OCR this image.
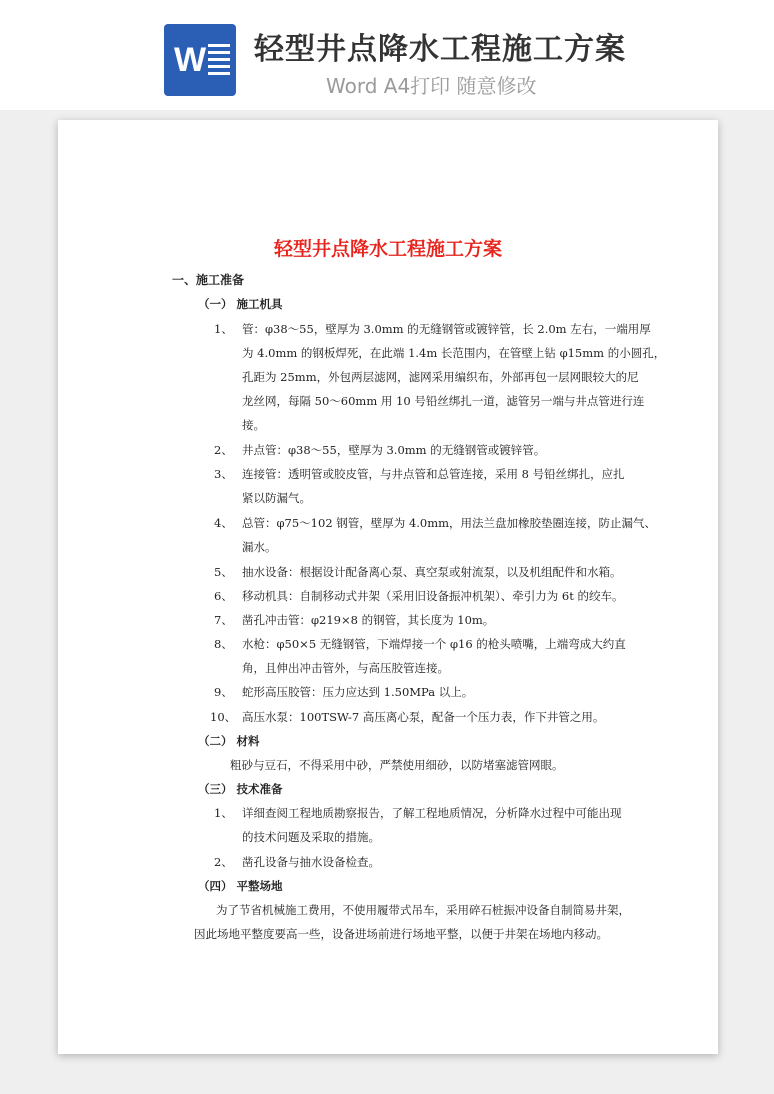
W 轻型井点降水工程施工方案
Word A4打印 随意修改
轻型井点降水工程施工方案
一、施工准备
（一） 施工机具
1、 管：φ38～55，壁厚为 3.0mm 的无缝钢管或镀锌管，长 2.0m 左右，一端用厚
为 4.0mm 的钢板焊死，在此端 1.4m 长范围内，在管壁上钻 φ15mm 的小圆孔，
孔距为 25mm，外包两层滤网，滤网采用编织布，外部再包一层网眼较大的尼
龙丝网，每隔 50～60mm 用 10 号铅丝绑扎一道，滤管另一端与井点管进行连
接。
2、 井点管：φ38～55，壁厚为 3.0mm 的无缝钢管或镀锌管。
3、 连接管：透明管或胶皮管，与井点管和总管连接，采用 8 号铅丝绑扎，应扎
紧以防漏气。
4、 总管：φ75～102 钢管，壁厚为 4.0mm，用法兰盘加橡胶垫圈连接，防止漏气、
漏水。
5、 抽水设备：根据设计配备离心泵、真空泵或射流泵，以及机组配件和水箱。
6、 移动机具：自制移动式井架（采用旧设备振冲机架）、牵引力为 6t 的绞车。
7、 凿孔冲击管：φ219×8 的钢管，其长度为 10m。
8、 水枪：φ50×5 无缝钢管，下端焊接一个 φ16 的枪头喷嘴，上端弯成大约直
角，且伸出冲击管外，与高压胶管连接。
9、 蛇形高压胶管：压力应达到 1.50MPa 以上。
10、 高压水泵：100TSW-7 高压离心泵，配备一个压力表，作下井管之用。
（二） 材料
粗砂与豆石，不得采用中砂，严禁使用细砂，以防堵塞滤管网眼。
（三） 技术准备
1、 详细查阅工程地质勘察报告，了解工程地质情况，分析降水过程中可能出现
的技术问题及采取的措施。
2、 凿孔设备与抽水设备检查。
（四） 平整场地
为了节省机械施工费用，不使用履带式吊车，采用碎石桩振冲设备自制简易井架，
因此场地平整度要高一些，设备进场前进行场地平整，以便于井架在场地内移动。
